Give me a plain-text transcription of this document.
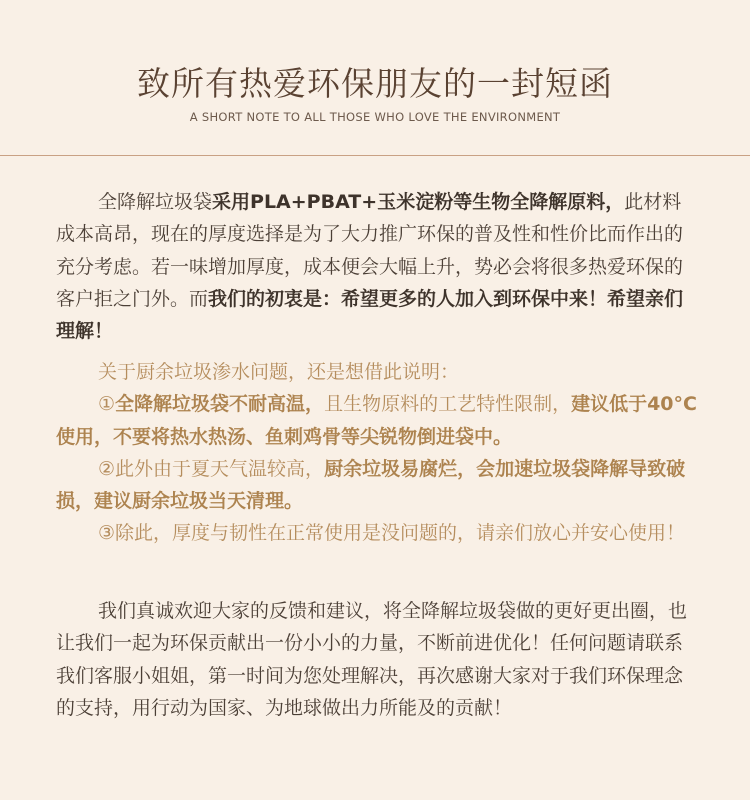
致所有热爱环保朋友的一封短函
A SHORT NOTE TO ALL THOSE WHO LOVE THE ENVIRONMENT

全降解垃圾袋采用PLA+PBAT+玉米淀粉等生物全降解原料，此材料成本高昂，现在的厚度选择是为了大力推广环保的普及性和性价比而作出的充分考虑。若一味增加厚度，成本便会大幅上升，势必会将很多热爱环保的客户拒之门外。而我们的初衷是：希望更多的人加入到环保中来！希望亲们理解！

关于厨余垃圾渗水问题，还是想借此说明：
①全降解垃圾袋不耐高温，且生物原料的工艺特性限制，建议低于40°C使用，不要将热水热汤、鱼刺鸡骨等尖锐物倒进袋中。
②此外由于夏天气温较高，厨余垃圾易腐烂，会加速垃圾袋降解导致破损，建议厨余垃圾当天清理。
③除此，厚度与韧性在正常使用是没问题的，请亲们放心并安心使用！

我们真诚欢迎大家的反馈和建议，将全降解垃圾袋做的更好更出圈，也让我们一起为环保贡献出一份小小的力量，不断前进优化！任何问题请联系我们客服小姐姐，第一时间为您处理解决，再次感谢大家对于我们环保理念的支持，用行动为国家、为地球做出力所能及的贡献！
